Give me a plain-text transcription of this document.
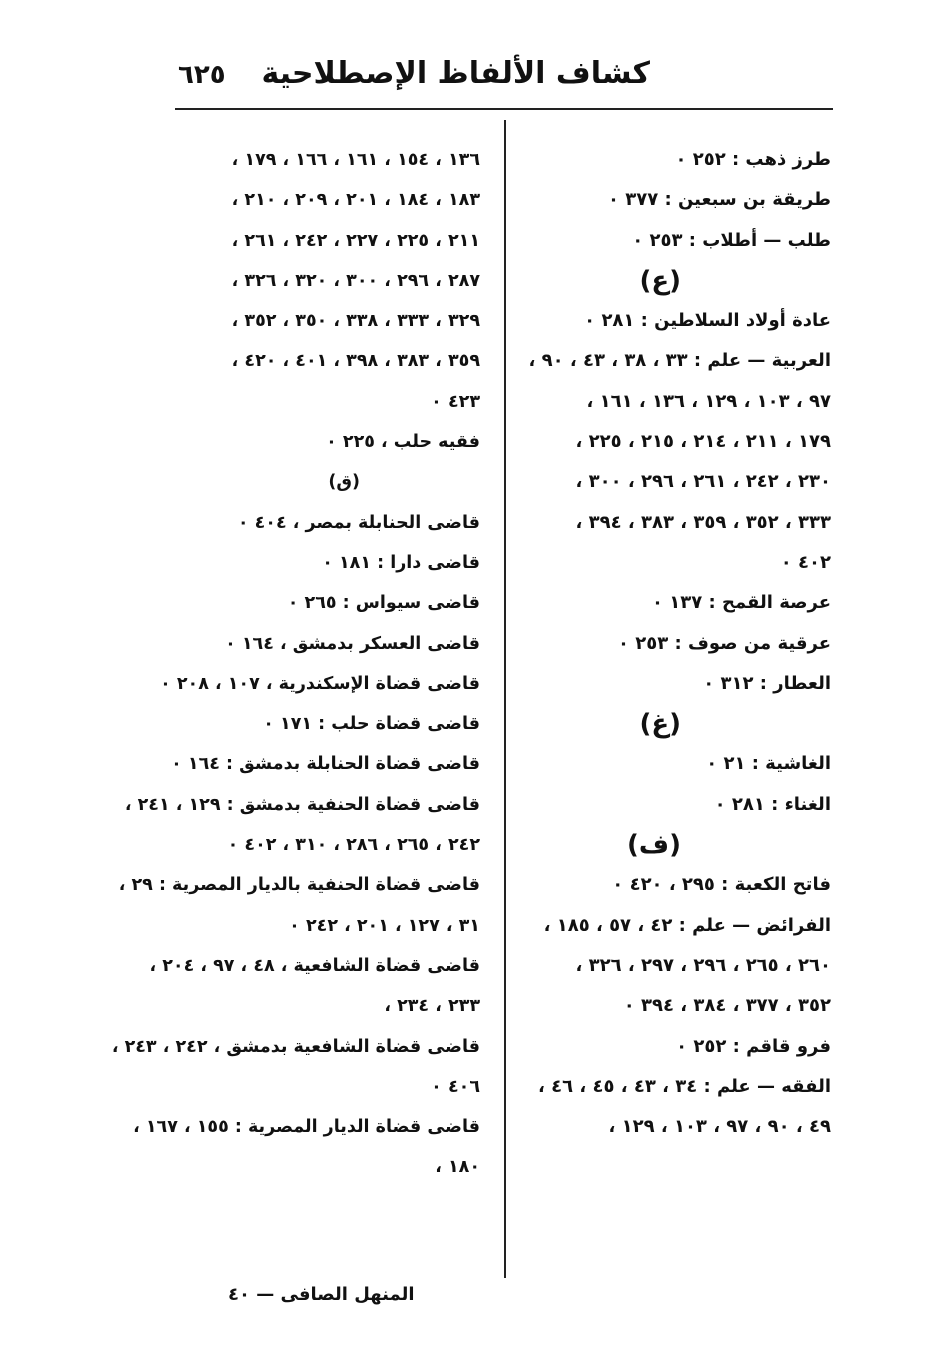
كشاف الألفاظ الإصطلاحية
٦٢٥
طرز ذهب : ٢٥٢ ٠
طريقة بن سبعين : ٣٧٧ ٠
طلب — أطلاب : ٢٥٣ ٠
(ع)
عادة أولاد السلاطين : ٢٨١ ٠
العربية — علم : ٣٣ ، ٣٨ ، ٤٣ ، ٩٠ ،
٩٧ ، ١٠٣ ، ١٢٩ ، ١٣٦ ، ١٦١ ،
١٧٩ ، ٢١١ ، ٢١٤ ، ٢١٥ ، ٢٢٥ ،
٢٣٠ ، ٢٤٢ ، ٢٦١ ، ٢٩٦ ، ٣٠٠ ،
٣٣٣ ، ٣٥٢ ، ٣٥٩ ، ٣٨٣ ، ٣٩٤ ،
٤٠٢ ٠
عرصة القمح : ١٣٧ ٠
عرقية من صوف : ٢٥٣ ٠
العطار : ٣١٢ ٠
(غ)
الغاشية : ٢١ ٠
الغناء : ٢٨١ ٠
(ف)
فاتح الكعبة : ٢٩٥ ، ٤٢٠ ٠
الفرائض — علم : ٤٢ ، ٥٧ ، ١٨٥ ،
٢٦٠ ، ٢٦٥ ، ٢٩٦ ، ٢٩٧ ، ٣٢٦ ،
٣٥٢ ، ٣٧٧ ، ٣٨٤ ، ٣٩٤ ٠
فرو قاقم : ٢٥٢ ٠
الفقه — علم : ٣٤ ، ٤٣ ، ٤٥ ، ٤٦ ،
٤٩ ، ٩٠ ، ٩٧ ، ١٠٣ ، ١٢٩ ،
١٣٦ ، ١٥٤ ، ١٦١ ، ١٦٦ ، ١٧٩ ،
١٨٣ ، ١٨٤ ، ٢٠١ ، ٢٠٩ ، ٢١٠ ،
٢١١ ، ٢٢٥ ، ٢٢٧ ، ٢٤٢ ، ٢٦١ ،
٢٨٧ ، ٢٩٦ ، ٣٠٠ ، ٣٢٠ ، ٣٢٦ ،
٣٢٩ ، ٣٣٣ ، ٣٣٨ ، ٣٥٠ ، ٣٥٢ ،
٣٥٩ ، ٣٨٣ ، ٣٩٨ ، ٤٠١ ، ٤٢٠ ،
٤٢٣ ٠
فقيه حلب ، ٢٢٥ ٠
(ق)
قاضى الحنابلة بمصر ، ٤٠٤ ٠
قاضى دارا : ١٨١ ٠
قاضى سيواس : ٢٦٥ ٠
قاضى العسكر بدمشق ، ١٦٤ ٠
قاضى قضاة الإسكندرية ، ١٠٧ ، ٢٠٨ ٠
قاضى قضاة حلب : ١٧١ ٠
قاضى قضاة الحنابلة بدمشق : ١٦٤ ٠
قاضى قضاة الحنفية بدمشق : ١٢٩ ، ٢٤١ ،
٢٤٢ ، ٢٦٥ ، ٢٨٦ ، ٣١٠ ، ٤٠٢ ٠
قاضى قضاة الحنفية بالديار المصرية : ٢٩ ،
٣١ ، ١٢٧ ، ٢٠١ ، ٢٤٢ ٠
قاضى قضاة الشافعية ، ٤٨ ، ٩٧ ، ٢٠٤ ،
٢٣٣ ، ٢٣٤ ،
قاضى قضاة الشافعية بدمشق ، ٢٤٢ ، ٢٤٣ ،
٤٠٦ ٠
قاضى قضاة الديار المصرية : ١٥٥ ، ١٦٧ ،
١٨٠ ،
المنهل الصافى — ٤٠
